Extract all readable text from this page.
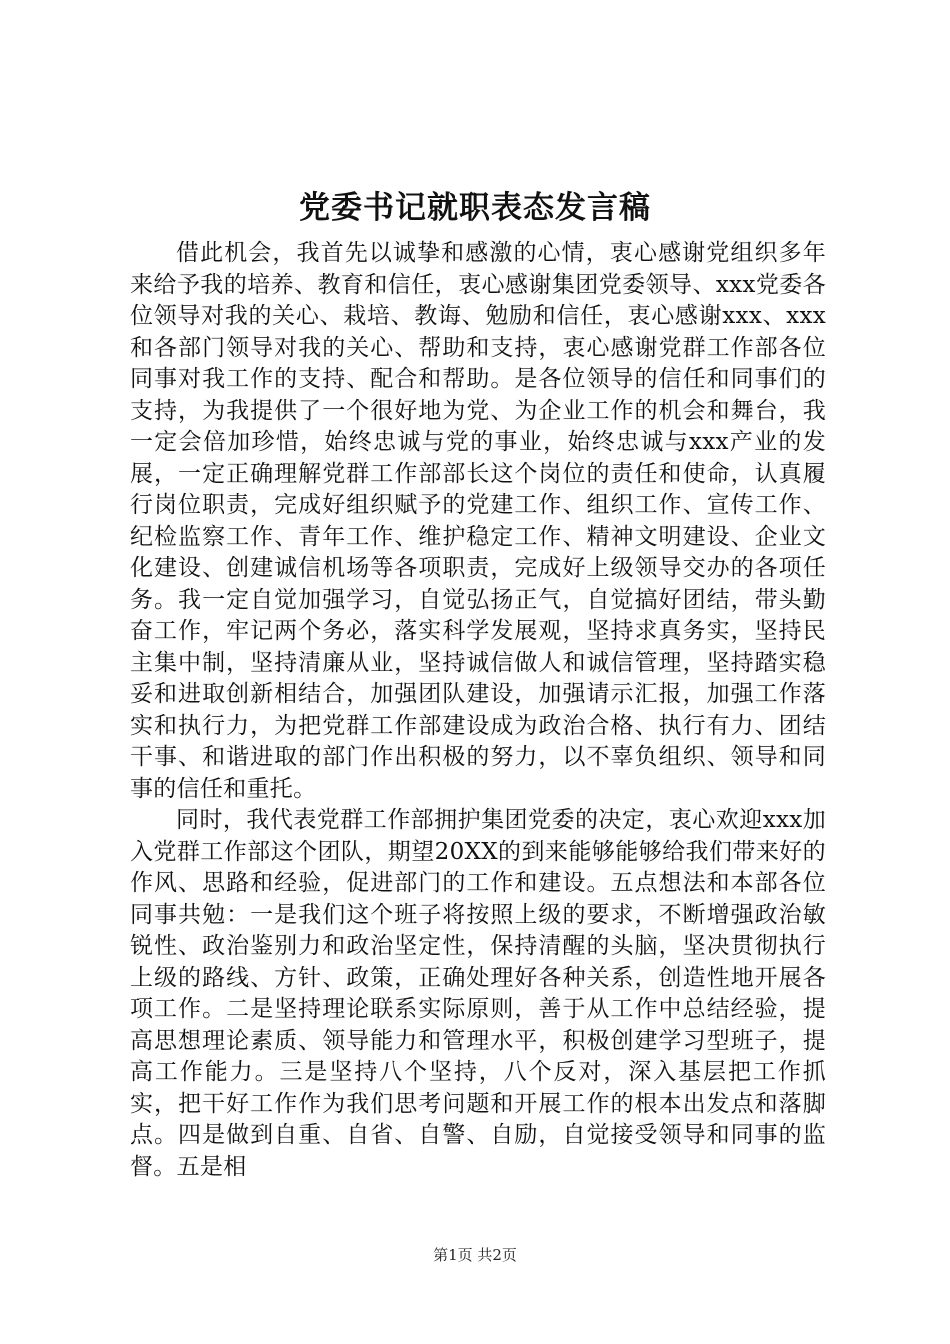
党委书记就职表态发言稿

借此机会，我首先以诚挚和感激的心情，衷心感谢党组织多年来给予我的培养、教育和信任，衷心感谢集团党委领导、xxx党委各位领导对我的关心、栽培、教诲、勉励和信任，衷心感谢xxx、xxx和各部门领导对我的关心、帮助和支持，衷心感谢党群工作部各位同事对我工作的支持、配合和帮助。是各位领导的信任和同事们的支持，为我提供了一个很好地为党、为企业工作的机会和舞台，我一定会倍加珍惜，始终忠诚与党的事业，始终忠诚与xxx产业的发展，一定正确理解党群工作部部长这个岗位的责任和使命，认真履行岗位职责，完成好组织赋予的党建工作、组织工作、宣传工作、纪检监察工作、青年工作、维护稳定工作、精神文明建设、企业文化建设、创建诚信机场等各项职责，完成好上级领导交办的各项任务。我一定自觉加强学习，自觉弘扬正气，自觉搞好团结，带头勤奋工作，牢记两个务必，落实科学发展观，坚持求真务实，坚持民主集中制，坚持清廉从业，坚持诚信做人和诚信管理，坚持踏实稳妥和进取创新相结合，加强团队建设，加强请示汇报，加强工作落实和执行力，为把党群工作部建设成为政治合格、执行有力、团结干事、和谐进取的部门作出积极的努力，以不辜负组织、领导和同事的信任和重托。

同时，我代表党群工作部拥护集团党委的决定，衷心欢迎xxx加入党群工作部这个团队，期望20XX的到来能够能够给我们带来好的作风、思路和经验，促进部门的工作和建设。五点想法和本部各位同事共勉：一是我们这个班子将按照上级的要求，不断增强政治敏锐性、政治鉴别力和政治坚定性，保持清醒的头脑，坚决贯彻执行上级的路线、方针、政策，正确处理好各种关系，创造性地开展各项工作。二是坚持理论联系实际原则，善于从工作中总结经验，提高思想理论素质、领导能力和管理水平，积极创建学习型班子，提高工作能力。三是坚持八个坚持，八个反对，深入基层把工作抓实，把干好工作作为我们思考问题和开展工作的根本出发点和落脚点。四是做到自重、自省、自警、自励，自觉接受领导和同事的监督。五是相

第1页 共2页
